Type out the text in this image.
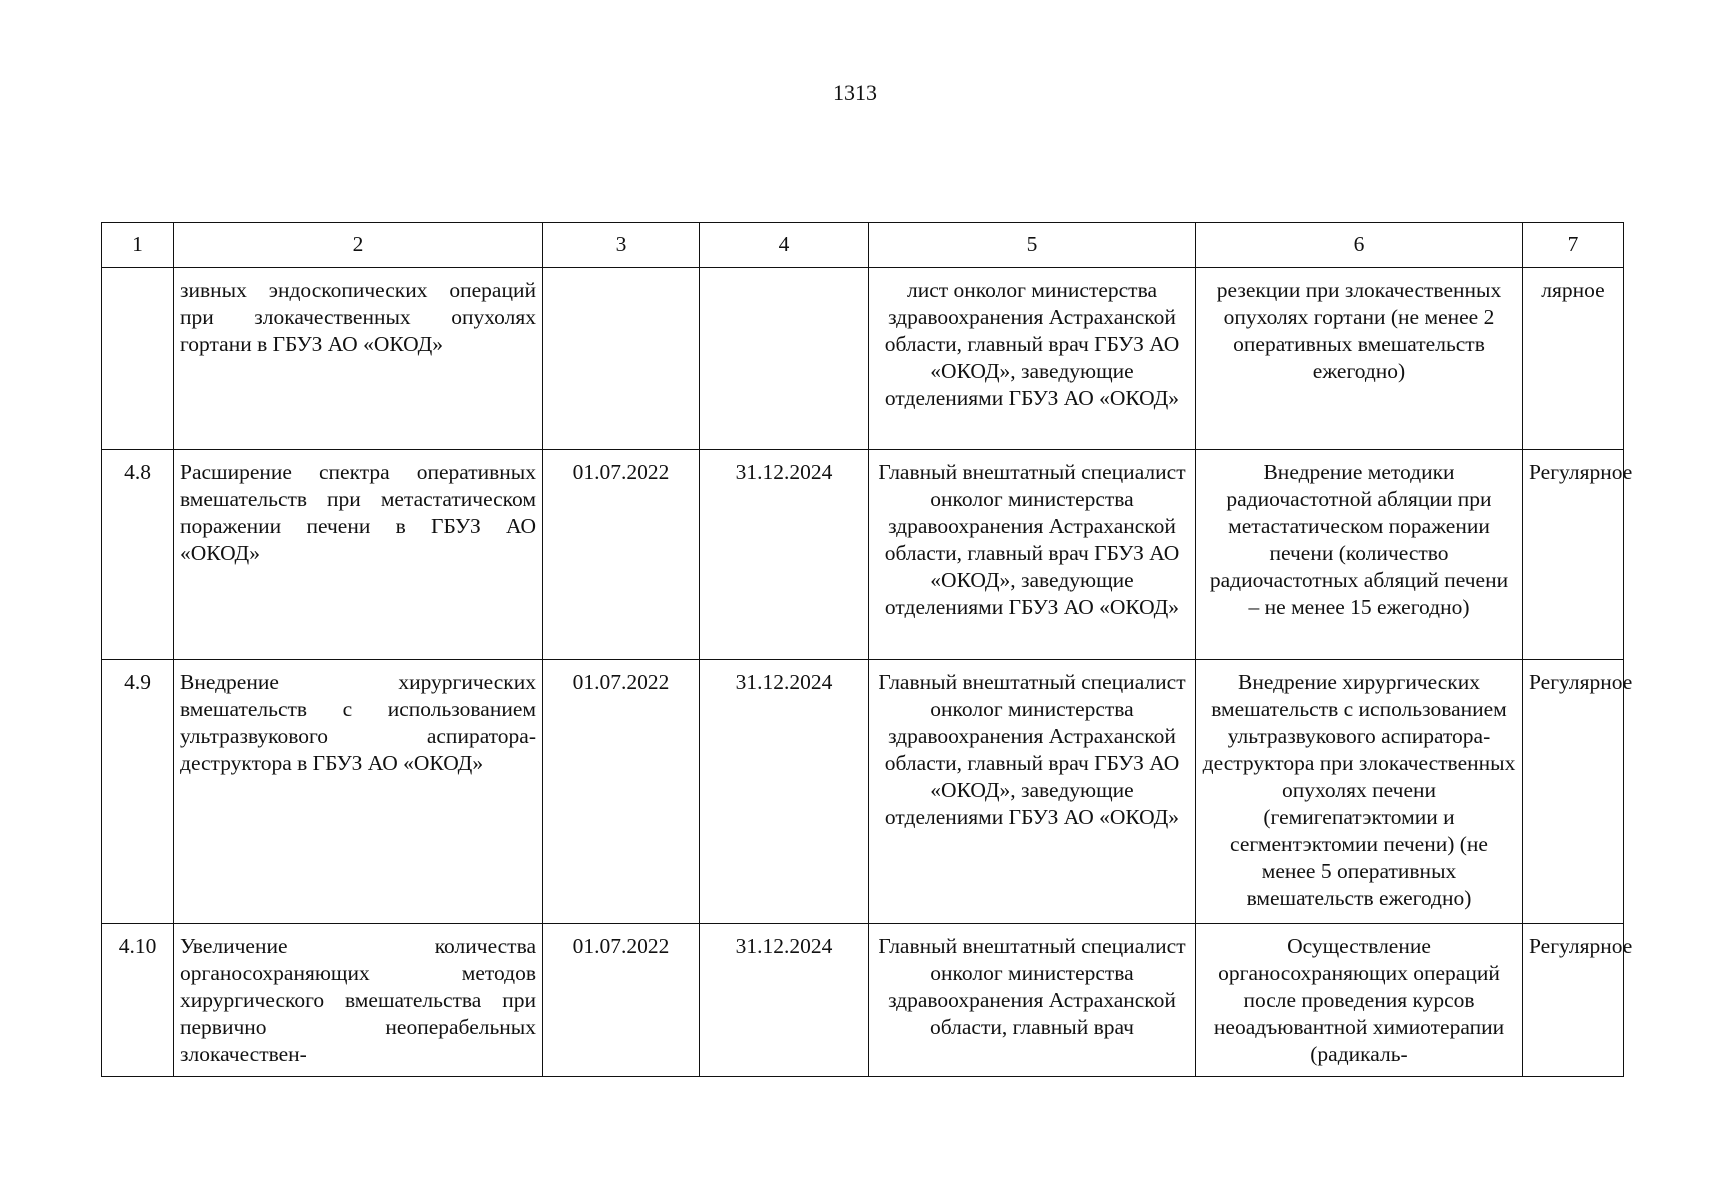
1313
1	2	3	4	5	6	7
	зивных эндоскопических операций при злокачественных опухолях гортани в ГБУЗ АО «ОКОД»			лист онколог министерства здравоохранения Астраханской области, главный врач ГБУЗ АО «ОКОД», заведующие отделениями ГБУЗ АО «ОКОД»	резекции при злокачественных опухолях гортани (не менее 2 оперативных вмешательств ежегодно)	лярное
4.8	Расширение спектра оперативных вмешательств при метастатическом поражении печени в ГБУЗ АО «ОКОД»	01.07.2022	31.12.2024	Главный внештатный специалист онколог министерства здравоохранения Астраханской области, главный врач ГБУЗ АО «ОКОД», заведующие отделениями ГБУЗ АО «ОКОД»	Внедрение методики радиочастотной абляции при метастатическом поражении печени (количество радиочастотных абляций печени – не менее 15 ежегодно)	Регулярное
4.9	Внедрение хирургических вмешательств с использованием ультразвукового аспиратора-деструктора в ГБУЗ АО «ОКОД»	01.07.2022	31.12.2024	Главный внештатный специалист онколог министерства здравоохранения Астраханской области, главный врач ГБУЗ АО «ОКОД», заведующие отделениями ГБУЗ АО «ОКОД»	Внедрение хирургических вмешательств с использованием ультразвукового аспиратора-деструктора при злокачественных опухолях печени (гемигепатэктомии и сегментэктомии печени) (не менее 5 оперативных вмешательств ежегодно)	Регулярное
4.10	Увеличение количества органосохраняющих методов хирургического вмешательства при первично неоперабельных злокачествен-	01.07.2022	31.12.2024	Главный внештатный специалист онколог министерства здравоохранения Астраханской области, главный врач	Осуществление органосохраняющих операций после проведения курсов неоадъювантной химиотерапии (радикаль-	Регулярное
